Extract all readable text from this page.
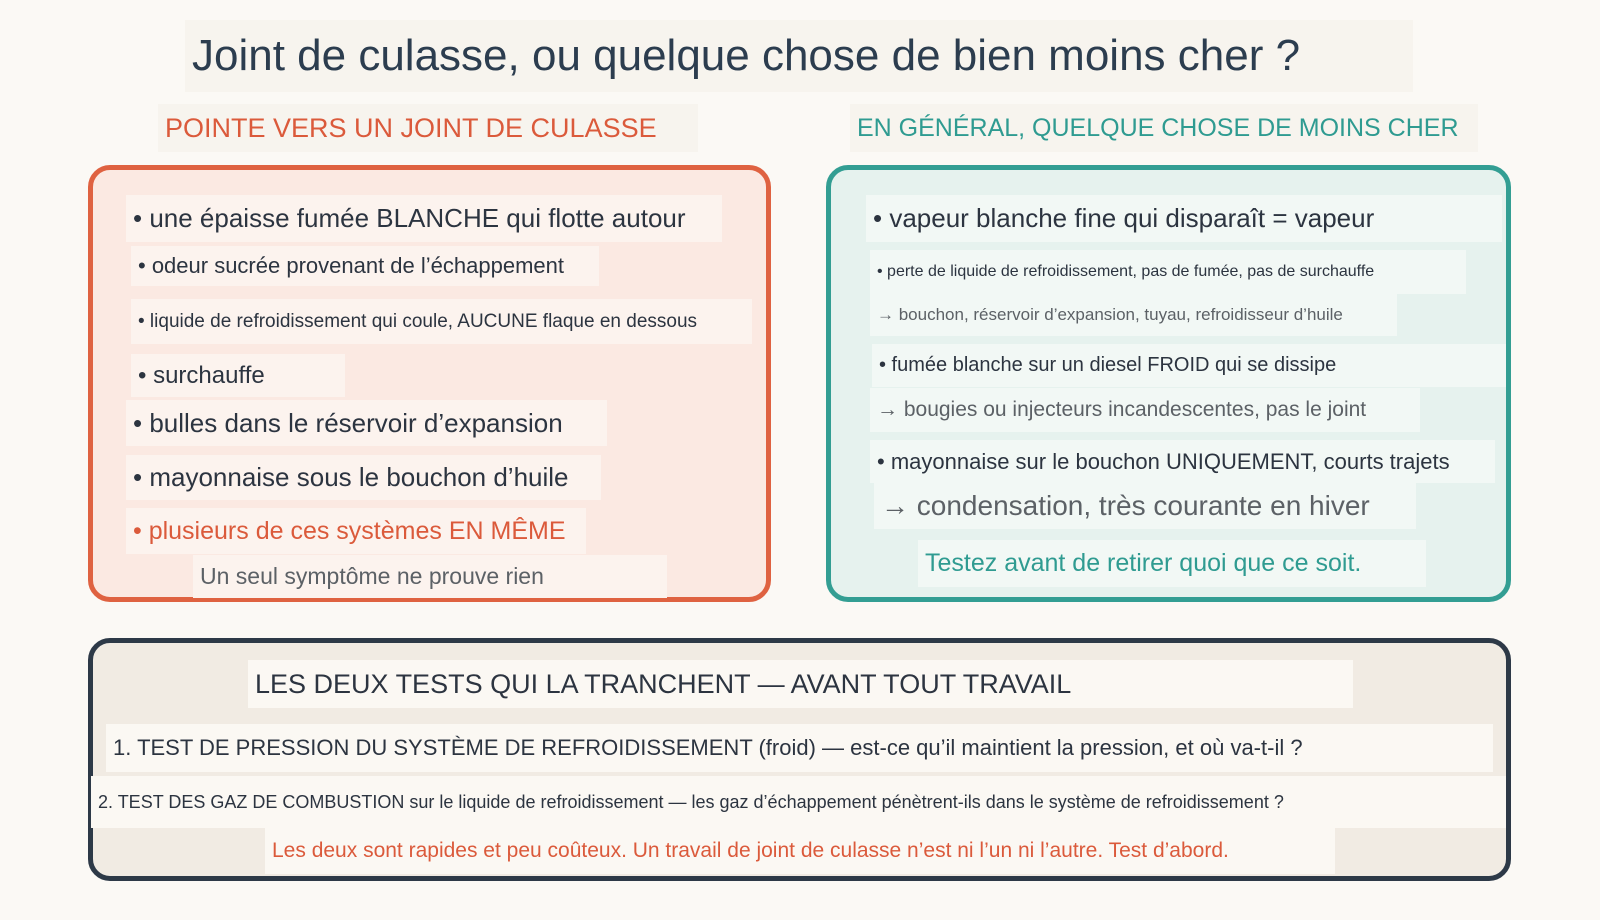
Joint de culasse, ou quelque chose de bien moins cher ?
POINTE VERS UN JOINT DE CULASSE	EN GÉNÉRAL, QUELQUE CHOSE DE MOINS CHER
• une épaisse fumée BLANCHE qui flotte autour
• odeur sucrée provenant de l’échappement
• liquide de refroidissement qui coule, AUCUNE flaque en dessous
• surchauffe
• bulles dans le réservoir d’expansion
• mayonnaise sous le bouchon d’huile
• plusieurs de ces systèmes EN MÊME
Un seul symptôme ne prouve rien
• vapeur blanche fine qui disparaît = vapeur
• perte de liquide de refroidissement, pas de fumée, pas de surchauffe
→ bouchon, réservoir d’expansion, tuyau, refroidisseur d’huile
• fumée blanche sur un diesel FROID qui se dissipe
→ bougies ou injecteurs incandescentes, pas le joint
• mayonnaise sur le bouchon UNIQUEMENT, courts trajets
→ condensation, très courante en hiver
Testez avant de retirer quoi que ce soit.
LES DEUX TESTS QUI LA TRANCHENT — AVANT TOUT TRAVAIL
1. TEST DE PRESSION DU SYSTÈME DE REFROIDISSEMENT (froid) — est-ce qu’il maintient la pression, et où va-t-il ?
2. TEST DES GAZ DE COMBUSTION sur le liquide de refroidissement — les gaz d’échappement pénètrent-ils dans le système de refroidissement ?
Les deux sont rapides et peu coûteux. Un travail de joint de culasse n’est ni l’un ni l’autre. Test d’abord.
